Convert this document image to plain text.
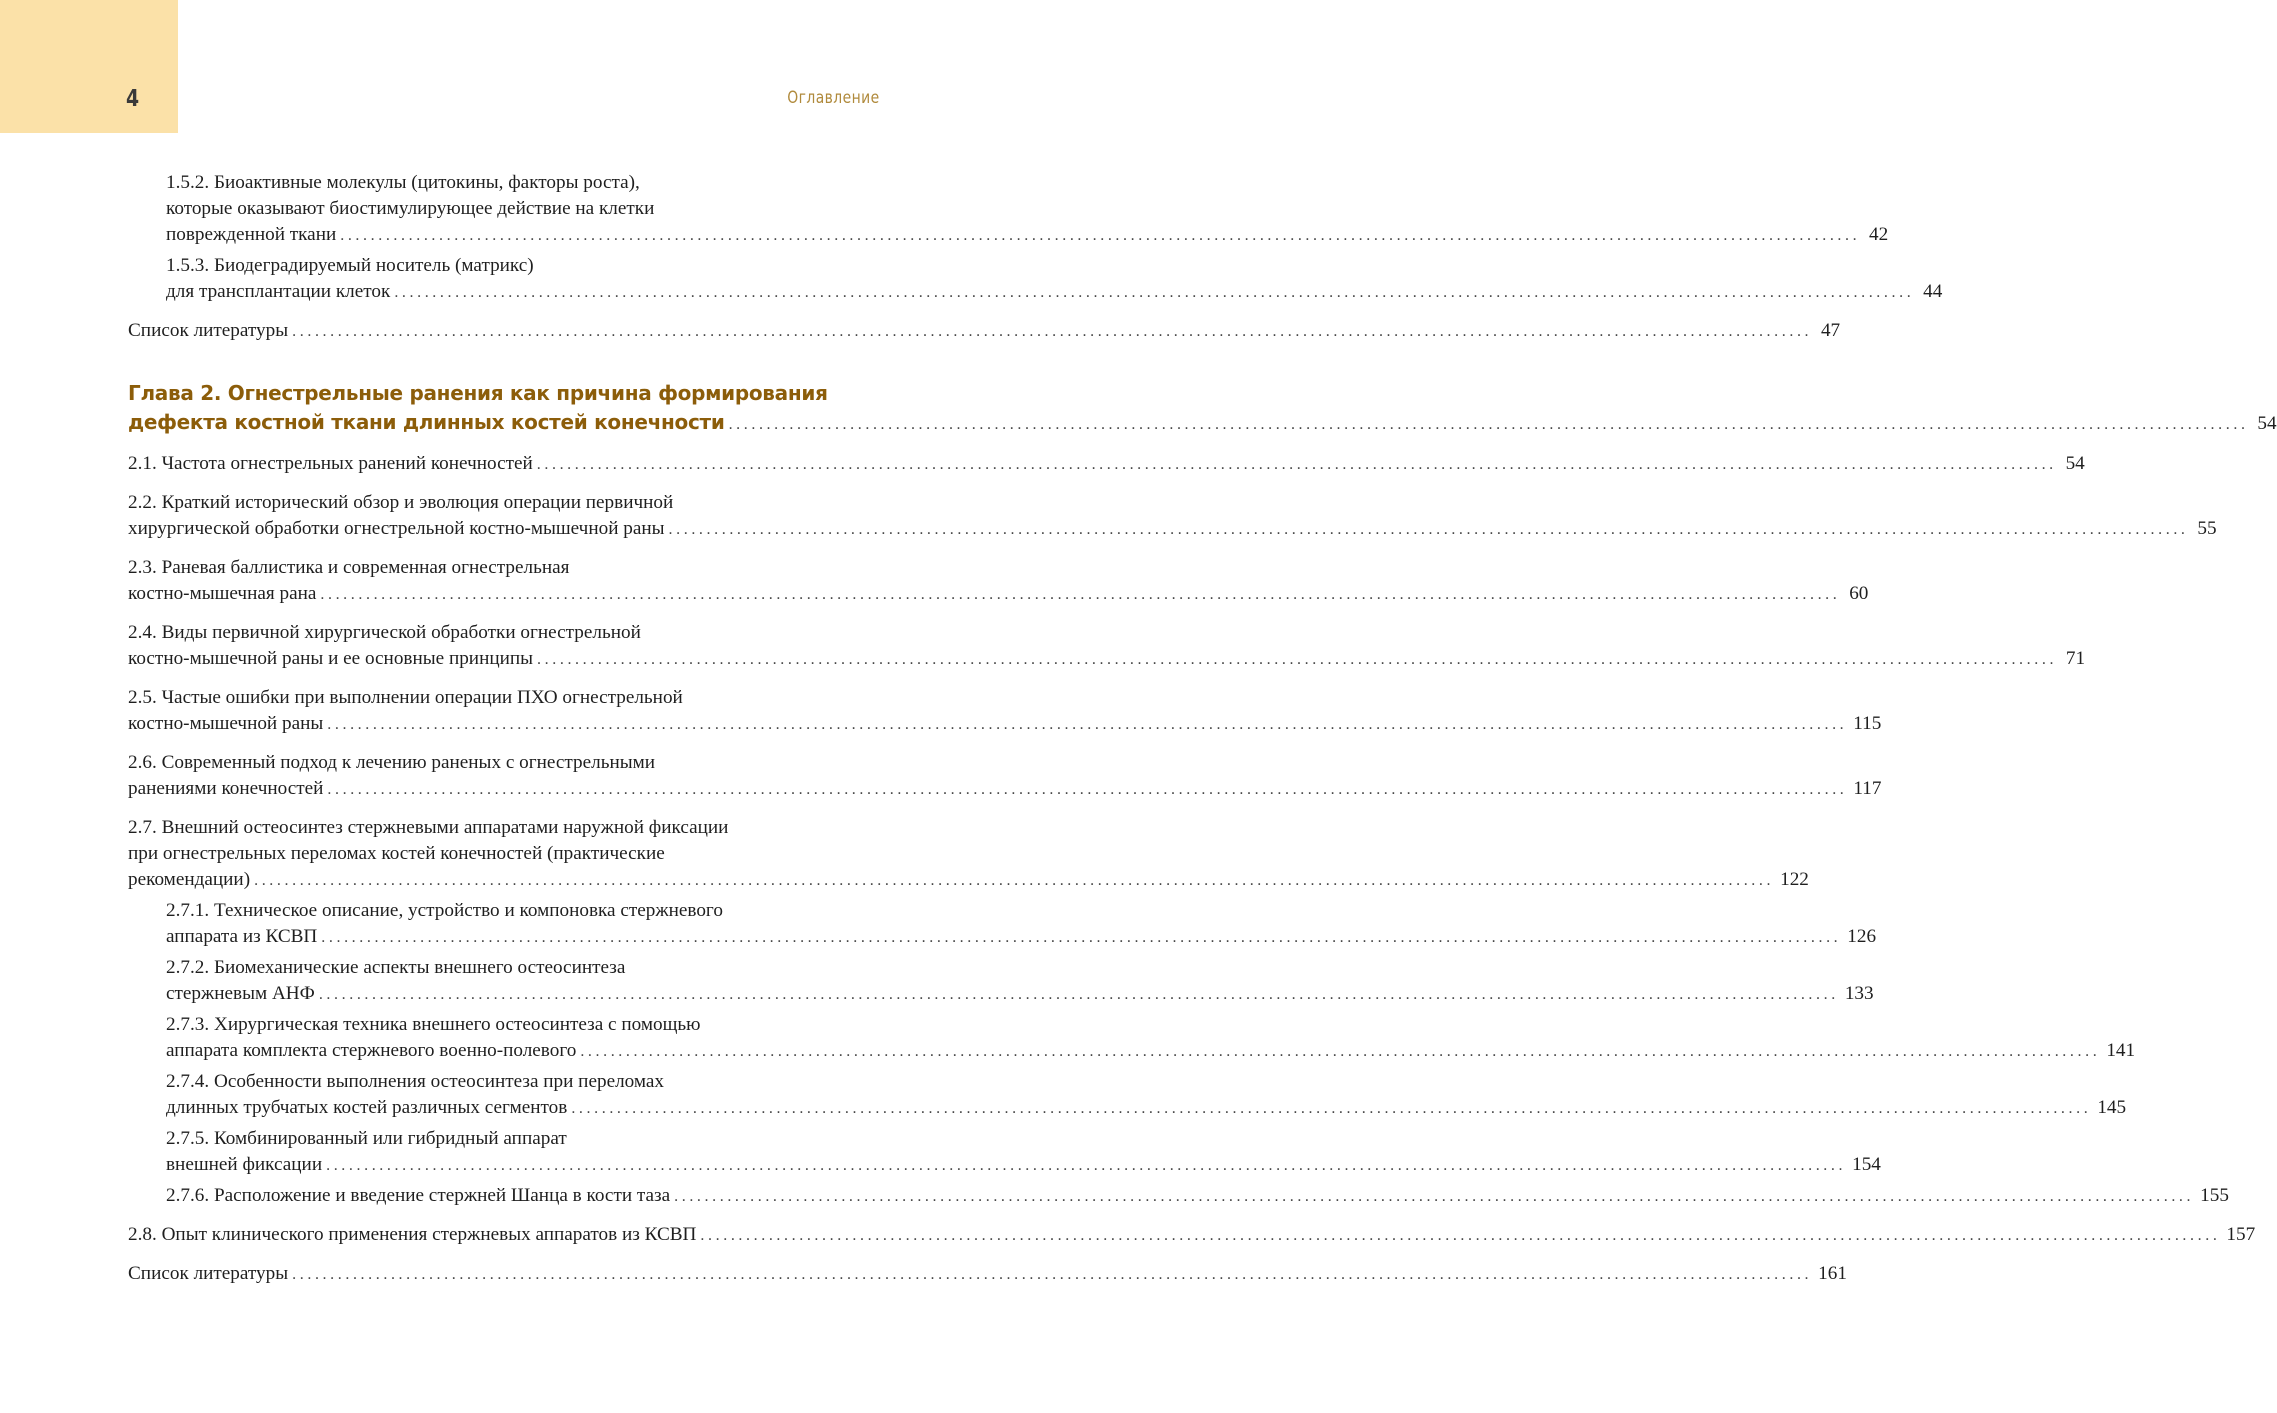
4	Оглавление
1.5.2. Биоактивные молекулы (цитокины, факторы роста),
которые оказывают биостимулирующее действие на клетки
поврежденной ткани ........................................................................................................................................................................................................ 42
1.5.3. Биодеградируемый носитель (матрикс)
для трансплантации клеток ........................................................................................................................................................................................................ 44
Список литературы ........................................................................................................................................................................................................ 47
Глава 2. Огнестрельные ранения как причина формирования
дефекта костной ткани длинных костей конечности ........................................................................................................................................................................................................ 54
2.1. Частота огнестрельных ранений конечностей ........................................................................................................................................................................................................ 54
2.2. Краткий исторический обзор и эволюция операции первичной
хирургической обработки огнестрельной костно-мышечной раны ........................................................................................................................................................................................................ 55
2.3. Раневая баллистика и современная огнестрельная
костно-мышечная рана ........................................................................................................................................................................................................ 60
2.4. Виды первичной хирургической обработки огнестрельной
костно-мышечной раны и ее основные принципы ........................................................................................................................................................................................................ 71
2.5. Частые ошибки при выполнении операции ПХО огнестрельной
костно-мышечной раны ........................................................................................................................................................................................................ 115
2.6. Современный подход к лечению раненых с огнестрельными
ранениями конечностей ........................................................................................................................................................................................................ 117
2.7. Внешний остеосинтез стержневыми аппаратами наружной фиксации
при огнестрельных переломах костей конечностей (практические
рекомендации) ........................................................................................................................................................................................................ 122
2.7.1. Техническое описание, устройство и компоновка стержневого
аппарата из КСВП ........................................................................................................................................................................................................ 126
2.7.2. Биомеханические аспекты внешнего остеосинтеза
стержневым АНФ ........................................................................................................................................................................................................ 133
2.7.3. Хирургическая техника внешнего остеосинтеза с помощью
аппарата комплекта стержневого военно-полевого ........................................................................................................................................................................................................ 141
2.7.4. Особенности выполнения остеосинтеза при переломах
длинных трубчатых костей различных сегментов ........................................................................................................................................................................................................ 145
2.7.5. Комбинированный или гибридный аппарат
внешней фиксации ........................................................................................................................................................................................................ 154
2.7.6. Расположение и введение стержней Шанца в кости таза ........................................................................................................................................................................................................ 155
2.8. Опыт клинического применения стержневых аппаратов из КСВП ........................................................................................................................................................................................................ 157
Список литературы ........................................................................................................................................................................................................ 161
